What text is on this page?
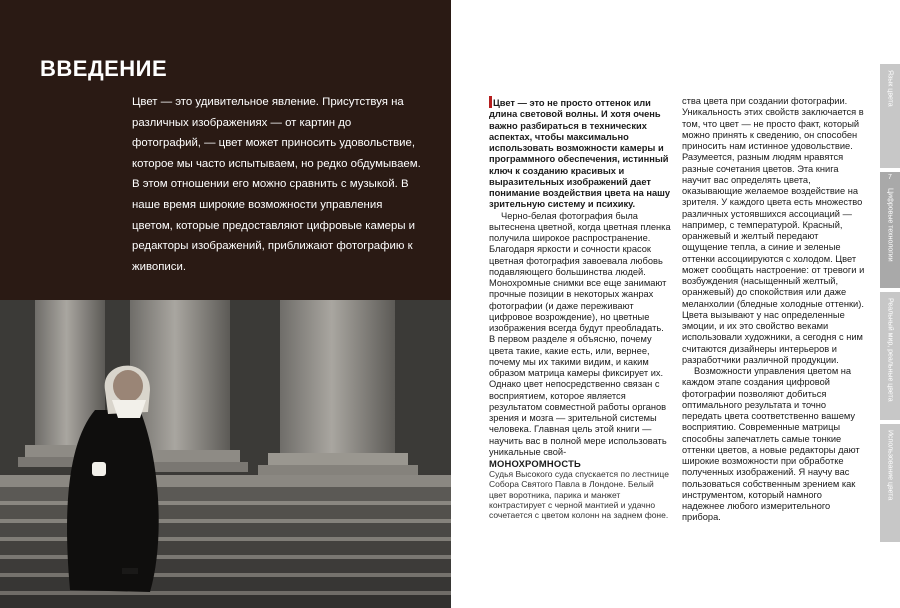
ВВЕДЕНИЕ
Цвет — это удивительное явление. Присутствуя на различных изображениях — от картин до фотографий, — цвет может приносить удовольствие, которое мы часто испытываем, но редко обдумываем. В этом отношении его можно сравнить с музыкой. В наше время широкие возможности управления цветом, которые предоставляют цифровые камеры и редакторы изображений, приближают фотографию к живописи.

Цвет — это не просто оттенок или длина световой волны. И хотя очень важно разбираться в технических аспектах, чтобы максимально использовать возможности камеры и программного обеспечения, истинный ключ к созданию красивых и выразительных изображений дает понимание воздействия цвета на нашу зрительную систему и психику.

Черно-белая фотография была вытеснена цветной, когда цветная пленка получила широкое распространение. Благодаря яркости и сочности красок цветная фотография завоевала любовь подавляющего большинства людей. Монохромные снимки все еще занимают прочные позиции в некоторых жанрах фотографии (и даже переживают цифровое возрождение), но цветные изображения всегда будут преобладать. В первом разделе я объясню, почему цвета такие, какие есть, или, вернее, почему мы их такими видим, и каким образом матрица камеры фиксирует их. Однако цвет непосредственно связан с восприятием, которое является результатом совместной работы органов зрения и мозга — зрительной системы человека. Главная цель этой книги — научить вас в полной мере использовать уникальные свой-

МОНОХРОМНОСТЬ

Судья Высокого суда спускается по лестнице Собора Святого Павла в Лондоне. Белый цвет воротника, парика и манжет контрастирует с черной мантией и удачно сочетается с цветом колонн на заднем фоне.

ства цвета при создании фотографии. Уникальность этих свойств заключается в том, что цвет — не просто факт, который можно принять к сведению, он способен приносить нам истинное удовольствие. Разумеется, разным людям нравятся разные сочетания цветов. Эта книга научит вас определять цвета, оказывающие желаемое воздействие на зрителя. У каждого цвета есть множество различных устоявшихся ассоциаций — например, с температурой. Красный, оранжевый и желтый передают ощущение тепла, а синие и зеленые оттенки ассоциируются с холодом. Цвет может сообщать настроение: от тревоги и возбуждения (насыщенный желтый, оранжевый) до спокойствия или даже меланхолии (бледные холодные оттенки). Цвета вызывают у нас определенные эмоции, и их это свойство веками использовали художники, а сегодня с ним считаются дизайнеры интерьеров и разработчики различной продукции.

Возможности управления цветом на каждом этапе создания цифровой фотографии позволяют добиться оптимального результата и точно передать цвета соответственно вашему восприятию. Современные матрицы способны запечатлеть самые тонкие оттенки цветов, а новые редакторы дают широкие возможности при обработке полученных изображений. Я научу вас пользоваться собственным зрением как инструментом, который намного надежнее любого измерительного прибора.

Язык цвета
7
Цифровые технологии
Реальный мир, реальные цвета
Использование цвета
